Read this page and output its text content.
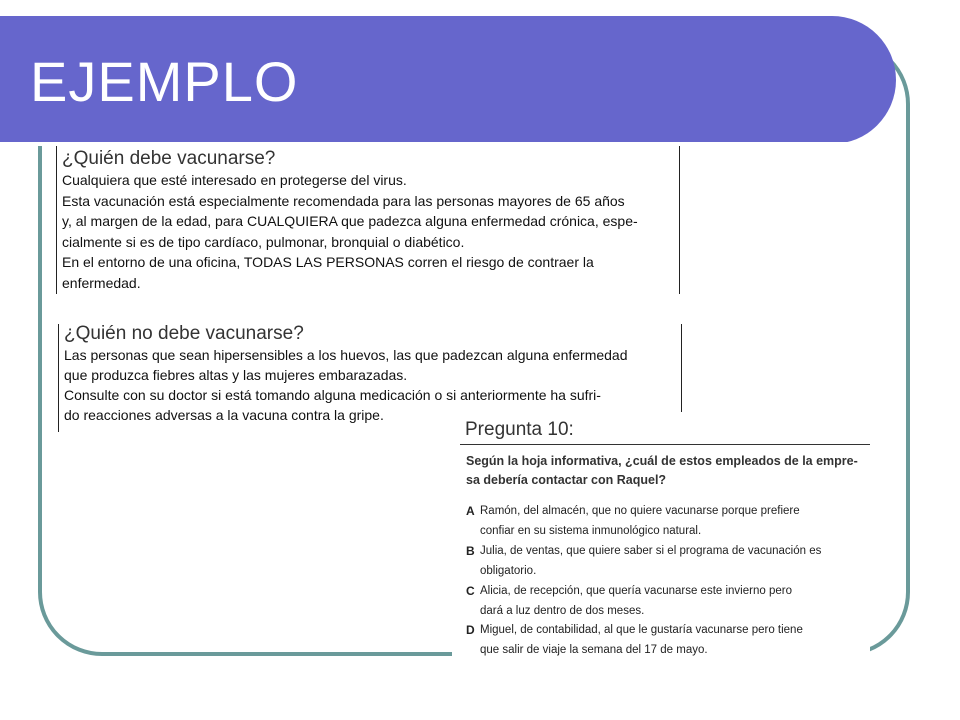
EJEMPLO
¿Quién debe vacunarse?
Cualquiera que esté interesado en protegerse del virus.
Esta vacunación está especialmente recomendada para las personas mayores de 65 años
y, al margen de la edad, para CUALQUIERA que padezca alguna enfermedad crónica, espe-
cialmente si es de tipo cardíaco, pulmonar, bronquial o diabético.
En el entorno de una oficina, TODAS LAS PERSONAS corren el riesgo de contraer la
enfermedad.
¿Quién no debe vacunarse?
Las personas que sean hipersensibles a los huevos, las que padezcan alguna enfermedad
que produzca fiebres altas y las mujeres embarazadas.
Consulte con su doctor si está tomando alguna medicación o si anteriormente ha sufri-
do reacciones adversas a la vacuna contra la gripe.
Pregunta 10:
Según la hoja informativa, ¿cuál de estos empleados de la empre-
sa debería contactar con Raquel?
A Ramón, del almacén, que no quiere vacunarse porque prefiere
confiar en su sistema inmunológico natural.
B Julia, de ventas, que quiere saber si el programa de vacunación es
obligatorio.
C Alicia, de recepción, que quería vacunarse este invierno pero
dará a luz dentro de dos meses.
D Miguel, de contabilidad, al que le gustaría vacunarse pero tiene
que salir de viaje la semana del 17 de mayo.
